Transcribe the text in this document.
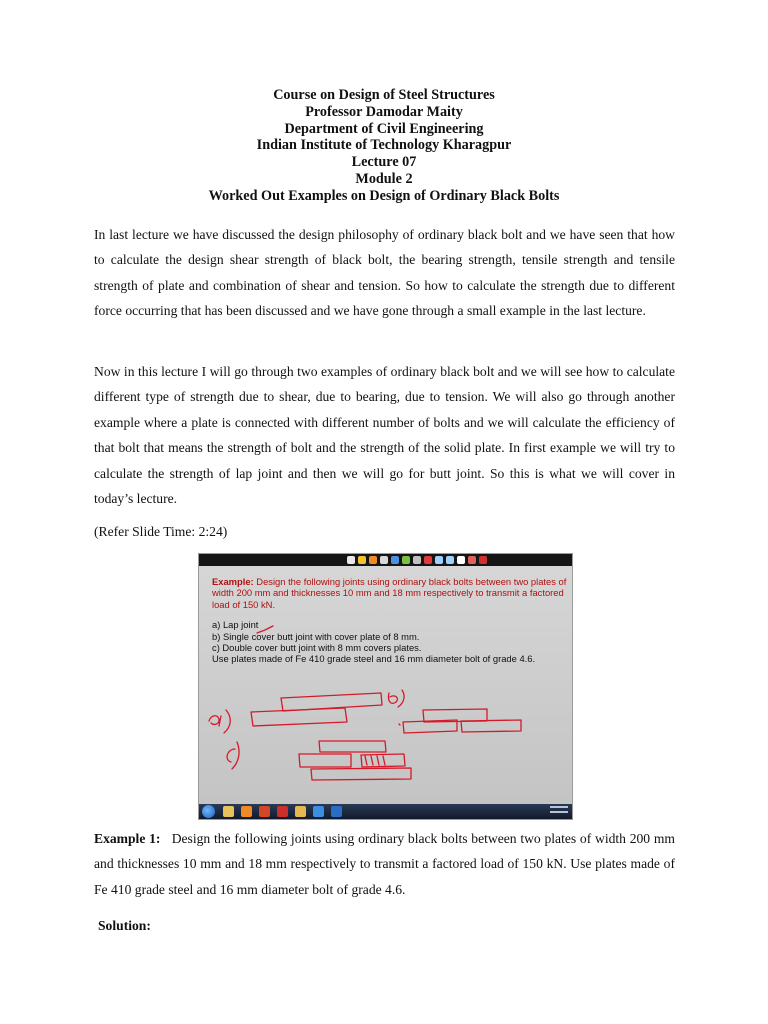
Course on Design of Steel Structures
Professor Damodar Maity
Department of Civil Engineering
Indian Institute of Technology Kharagpur
Lecture 07
Module 2
Worked Out Examples on Design of Ordinary Black Bolts

In last lecture we have discussed the design philosophy of ordinary black bolt and we have seen that how to calculate the design shear strength of black bolt, the bearing strength, tensile strength and tensile strength of plate and combination of shear and tension. So how to calculate the strength due to different force occurring that has been discussed and we have gone through a small example in the last lecture.

Now in this lecture I will go through two examples of ordinary black bolt and we will see how to calculate different type of strength due to shear, due to bearing, due to tension. We will also go through another example where a plate is connected with different number of bolts and we will calculate the efficiency of that bolt that means the strength of bolt and the strength of the solid plate. In first example we will try to calculate the strength of lap joint and then we will go for butt joint. So this is what we will cover in today’s lecture.

(Refer Slide Time: 2:24)
Example: Design the following joints using ordinary black bolts between two plates of width 200 mm and thicknesses 10 mm and 18 mm respectively to transmit a factored load of 150 kN.
a) Lap joint
b) Single cover butt joint with cover plate of 8 mm.
c) Double cover butt joint with 8 mm covers plates.
Use plates made of Fe 410 grade steel and 16 mm diameter bolt of grade 4.6.

Example 1: Design the following joints using ordinary black bolts between two plates of width 200 mm and thicknesses 10 mm and 18 mm respectively to transmit a factored load of 150 kN. Use plates made of Fe 410 grade steel and 16 mm diameter bolt of grade 4.6.

Solution:
